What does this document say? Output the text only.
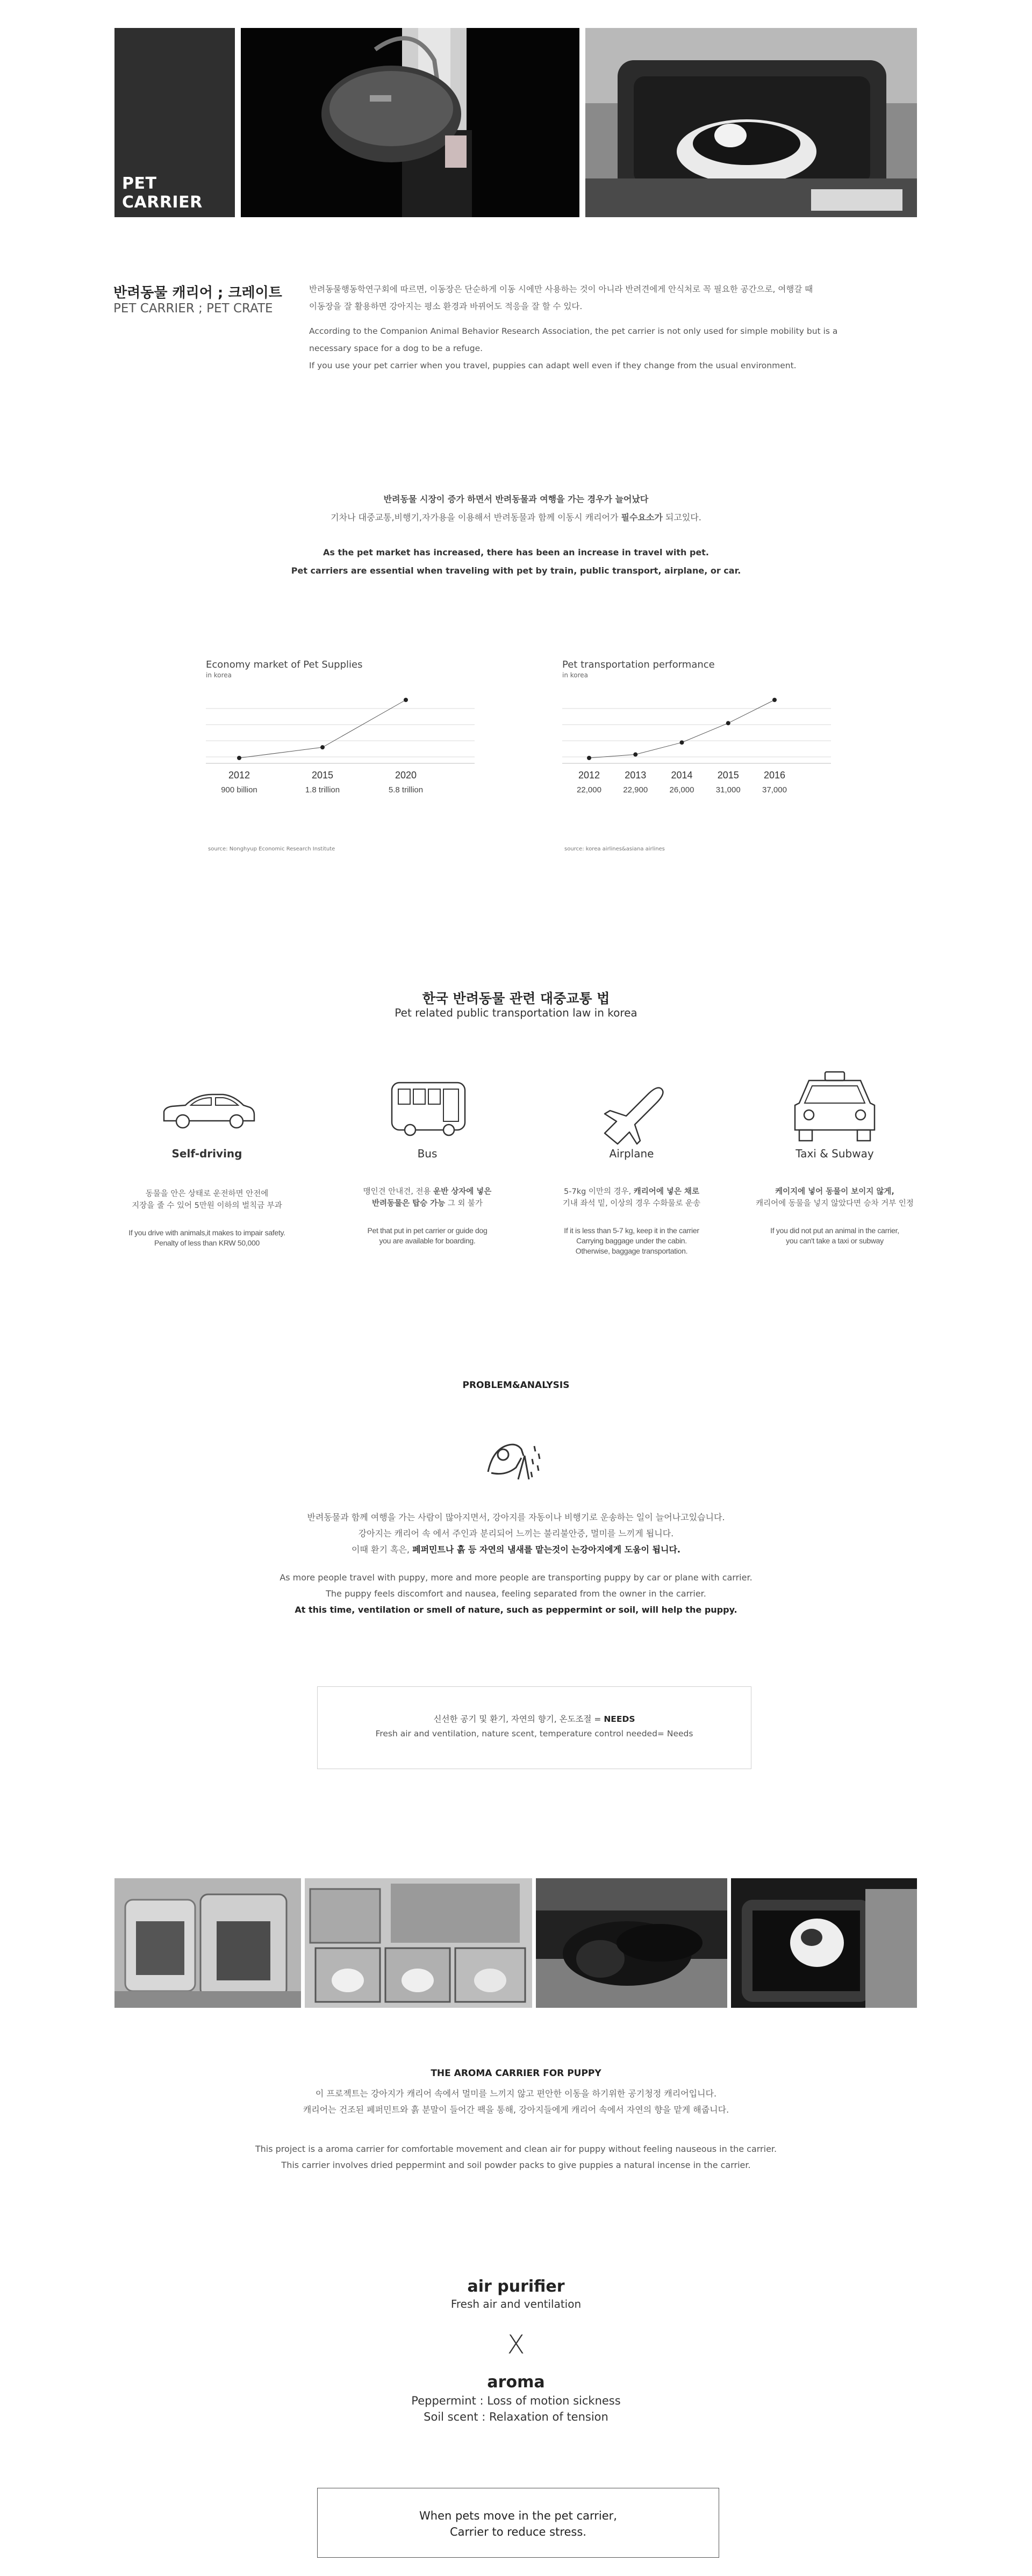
PET CARRIER
반려동물 캐리어 ; 크레이트
PET CARRIER ; PET CRATE

반려동물행동학연구회에 따르면, 이동장은 단순하게 이동 시에만 사용하는 것이 아니라 반려견에게 안식처로 꼭 필요한 공간으로, 여행갈 때
이동장을 잘 활용하면 강아지는 평소 환경과 바뀌어도 적응을 잘 할 수 있다.

According to the Companion Animal Behavior Research Association, the pet carrier is not only used for simple mobility but is a
necessary space for a dog to be a refuge.
If you use your pet carrier when you travel, puppies can adapt well even if they change from the usual environment.

반려동물 시장이 증가 하면서 반려동물과 여행을 가는 경우가 늘어났다
기차나 대중교통,비행기,자가용을 이용해서 반려동물과 함께 이동시 캐리어가 필수요소가 되고있다.
As the pet market has increased, there has been an increase in travel with pet.
Pet carriers are essential when traveling with pet by train, public transport, airplane, or car.
Economy market of Pet Supplies
in korea
2012
900 billion
2015
1.8 trillion
2020
5.8 trillion
source: Nonghyup Economic Research Institute
Pet transportation performance
in korea
2012
22,000
2013
22,900
2014
26,000
2015
31,000
2016
37,000
source: korea airlines&asiana airlines
한국 반려동물 관련 대중교통 법
Pet related public transportation law in korea
Self-driving
동물을 안은 상태로 운전하면 안전에
지장을 줄 수 있어 5만원 이하의 벌칙금 부과
If you drive with animals,it makes to impair safety.
Penalty of less than KRW 50,000
Bus
맹인견 안내견, 전용 운반 상자에 넣은
반려동물은 탑승 가능 그 외 불가
Pet that put in pet carrier or guide dog
you are available for boarding.
Airplane
5-7kg 이만의 경우, 캐리어에 넣은 채로
기내 좌석 밑, 이상의 경우 수화물로 운송
If it is less than 5-7 kg, keep it in the carrier
Carrying baggage under the cabin.
Otherwise, baggage transportation.
Taxi & Subway
케이지에 넣어 동물이 보이지 않게,
캐리어에 동물을 넣지 않았다면 승차 거부 인정
If you did not put an animal in the carrier,
you can't take a taxi or subway
PROBLEM&ANALYSIS
반려동물과 함께 여행을 가는 사람이 많아지면서, 강아지를 자동이나 비행기로 운송하는 일이 늘어나고있습니다.
강아지는 캐리어 속 에서 주인과 분리되어 느끼는 불리불안증, 멀미를 느끼게 됩니다.
이때 환기 혹은, 페퍼민트나 흙 등 자연의 냄새를 맡는것이 는강아지에게 도움이 됩니다.
As more people travel with puppy, more and more people are transporting puppy by car or plane with carrier.
The puppy feels discomfort and nausea, feeling separated from the owner in the carrier.
At this time, ventilation or smell of nature, such as peppermint or soil, will help the puppy.
신선한 공기 및 환기, 자연의 향기, 온도조절 = NEEDS
Fresh air and ventilation, nature scent, temperature control needed= Needs
THE AROMA CARRIER FOR PUPPY
이 프로젝트는 강아지가 캐리어 속에서 멀미를 느끼지 않고 편안한 이동을 하기위한 공기청정 캐리어입니다.
캐리어는 건조된 페퍼민트와 흙 분말이 들어간 팩을 통해, 강아지들에게 캐리어 속에서 자연의 향을 맡게 해줍니다.
This project is a aroma carrier for comfortable movement and clean air for puppy without feeling nauseous in the carrier.
This carrier involves dried peppermint and soil powder packs to give puppies a natural incense in the carrier.
air purifier
Fresh air and ventilation
X
aroma
Peppermint : Loss of motion sickness
Soil scent : Relaxation of tension
When pets move in the pet carrier,
Carrier to reduce stress.
